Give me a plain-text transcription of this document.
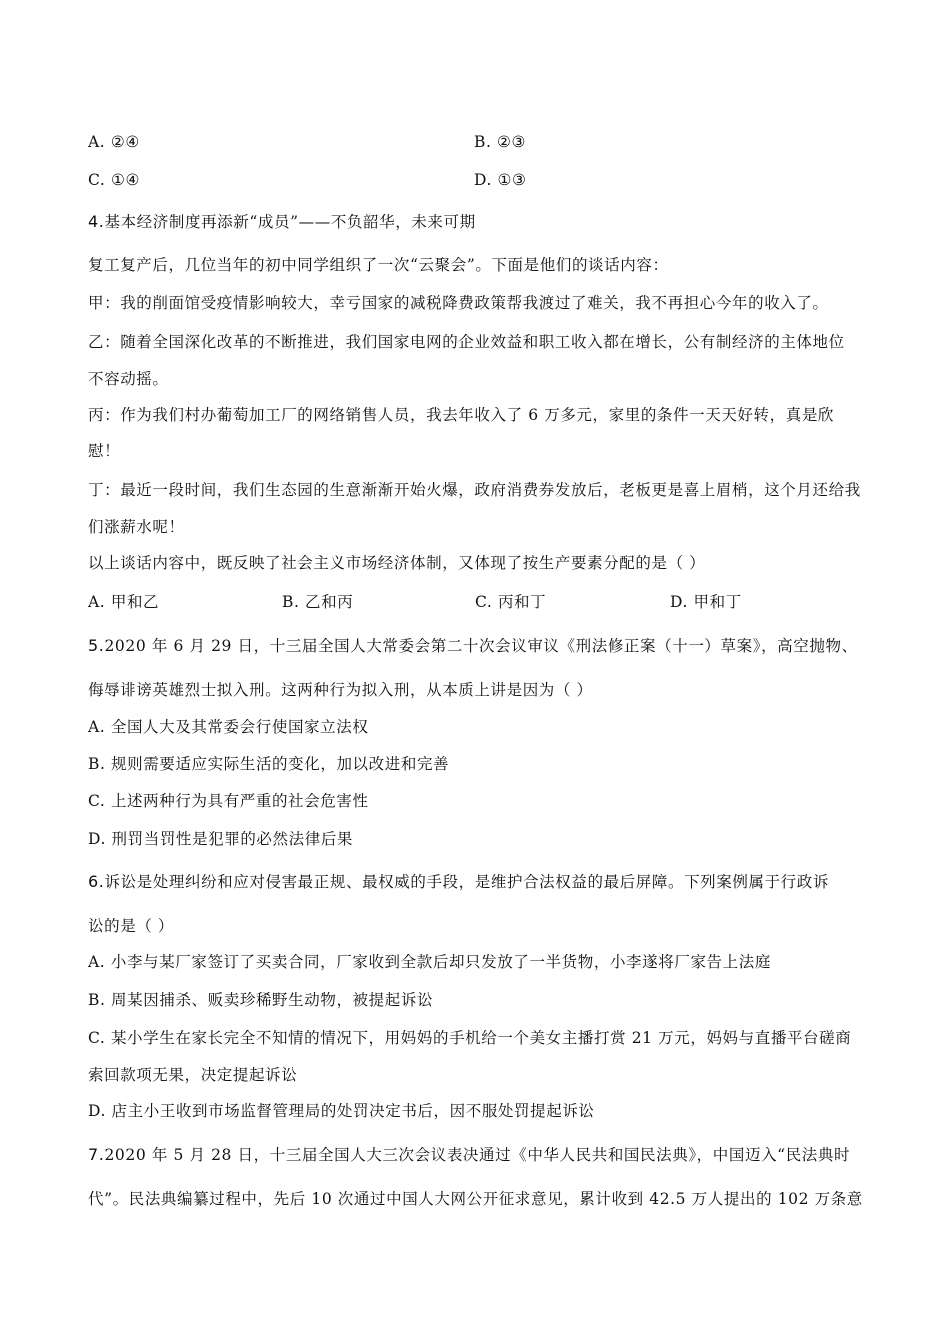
A. ②④	B. ②③
C. ①④	D. ①③
4.基本经济制度再添新“成员”——不负韶华，未来可期
复工复产后，几位当年的初中同学组织了一次“云聚会”。下面是他们的谈话内容：
甲：我的削面馆受疫情影响较大，幸亏国家的减税降费政策帮我渡过了难关，我不再担心今年的收入了。
乙：随着全国深化改革的不断推进，我们国家电网的企业效益和职工收入都在增长，公有制经济的主体地位
不容动摇。
丙：作为我们村办葡萄加工厂的网络销售人员，我去年收入了 6 万多元，家里的条件一天天好转，真是欣
慰！
丁：最近一段时间，我们生态园的生意渐渐开始火爆，政府消费券发放后，老板更是喜上眉梢，这个月还给我
们涨薪水呢！
以上谈话内容中，既反映了社会主义市场经济体制，又体现了按生产要素分配的是（ ）
A. 甲和乙	B. 乙和丙	C. 丙和丁	D. 甲和丁
5.2020 年 6 月 29 日，十三届全国人大常委会第二十次会议审议《刑法修正案（十一）草案》，高空抛物、
侮辱诽谤英雄烈士拟入刑。这两种行为拟入刑，从本质上讲是因为（ ）
A. 全国人大及其常委会行使国家立法权
B. 规则需要适应实际生活的变化，加以改进和完善
C. 上述两种行为具有严重的社会危害性
D. 刑罚当罚性是犯罪的必然法律后果
6.诉讼是处理纠纷和应对侵害最正规、最权威的手段，是维护合法权益的最后屏障。下列案例属于行政诉
讼的是（ ）
A. 小李与某厂家签订了买卖合同，厂家收到全款后却只发放了一半货物，小李遂将厂家告上法庭
B. 周某因捕杀、贩卖珍稀野生动物，被提起诉讼
C. 某小学生在家长完全不知情的情况下，用妈妈的手机给一个美女主播打赏 21 万元，妈妈与直播平台磋商
索回款项无果，决定提起诉讼
D. 店主小王收到市场监督管理局的处罚决定书后，因不服处罚提起诉讼
7.2020 年 5 月 28 日，十三届全国人大三次会议表决通过《中华人民共和国民法典》，中国迈入“民法典时
代”。民法典编纂过程中，先后 10 次通过中国人大网公开征求意见，累计收到 42.5 万人提出的 102 万条意
